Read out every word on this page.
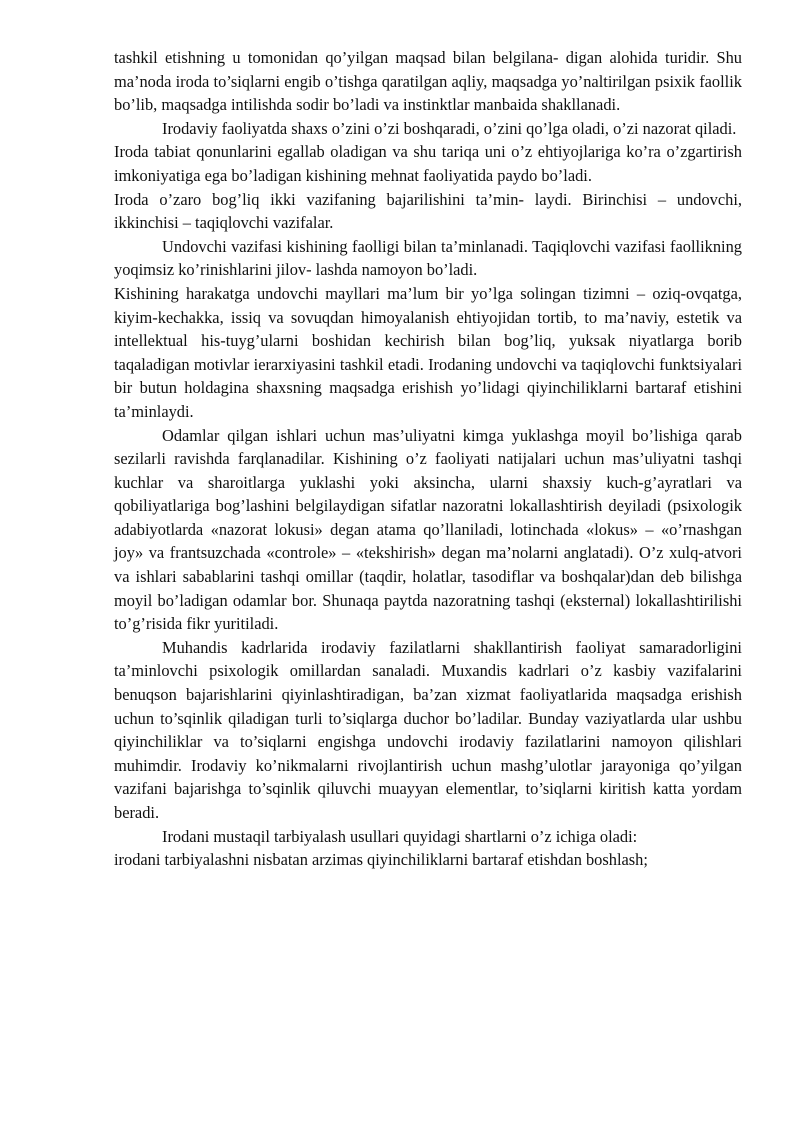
tashkil etishning u tomonidan qo’yilgan maqsad bilan belgilana- digan alohida turidir. Shu ma’noda iroda to’siqlarni engib o’tishga qaratilgan aqliy, maqsadga yo’naltirilgan psixik faollik bo’lib, maqsadga intilishda sodir bo’ladi va instinktlar manbaida shakllanadi.

Irodaviy faoliyatda shaxs o’zini o’zi boshqaradi, o’zini qo’lga oladi, o’zi nazorat qiladi.

Iroda tabiat qonunlarini egallab oladigan va shu tariqa uni o’z ehtiyojlariga ko’ra o’zgartirish imkoniyatiga ega bo’ladigan kishining mehnat faoliyatida paydo bo’ladi.

Iroda o’zaro bog’liq ikki vazifaning bajarilishini ta’min- laydi. Birinchisi – undovchi, ikkinchisi – taqiqlovchi vazifalar.

Undovchi vazifasi kishining faolligi bilan ta’minlanadi. Taqiqlovchi vazifasi faollikning yoqimsiz ko’rinishlarini jilov- lashda namoyon bo’ladi.

Kishining harakatga undovchi mayllari ma’lum bir yo’lga solingan tizimni – oziq-ovqatga, kiyim-kechakka, issiq va sovuqdan himoyalanish ehtiyojidan tortib, to ma’naviy, estetik va intellektual his-tuyg’ularni boshidan kechirish bilan bog’liq, yuksak niyatlarga borib taqaladigan motivlar ierarxiyasini tashkil etadi. Irodaning undovchi va taqiqlovchi funktsiyalari bir butun holdagina shaxsning maqsadga erishish yo’lidagi qiyinchiliklarni bartaraf etishini ta’minlaydi.

Odamlar qilgan ishlari uchun mas’uliyatni kimga yuklashga moyil bo’lishiga qarab sezilarli ravishda farqlanadilar. Kishining o’z faoliyati natijalari uchun mas’uliyatni tashqi kuchlar va sharoitlarga yuklashi yoki aksincha, ularni shaxsiy kuch-g’ayratlari va qobiliyatlariga bog’lashini belgilaydigan sifatlar nazoratni lokallashtirish deyiladi (psixologik adabiyotlarda «nazorat lokusi» degan atama qo’llaniladi, lotinchada «lokus» – «o’rnashgan joy» va frantsuzchada «controle» – «tekshirish» degan ma’nolarni anglatadi). O’z xulq-atvori va ishlari sabablarini tashqi omillar (taqdir, holatlar, tasodiflar va boshqalar)dan deb bilishga moyil bo’ladigan odamlar bor. Shunaqa paytda nazoratning tashqi (eksternal) lokallashtirilishi to’g’risida fikr yuritiladi.

Muhandis kadrlarida irodaviy fazilatlarni shakllantirish faoliyat samaradorligini ta’minlovchi psixologik omillardan sanaladi. Muxandis kadrlari o’z kasbiy vazifalarini benuqson bajarishlarini qiyinlashtiradigan, ba’zan xizmat faoliyatlarida maqsadga erishish uchun to’sqinlik qiladigan turli to’siqlarga duchor bo’ladilar. Bunday vaziyatlarda ular ushbu qiyinchiliklar va to’siqlarni engishga undovchi irodaviy fazilatlarini namoyon qilishlari muhimdir. Irodaviy ko’nikmalarni rivojlantirish uchun mashg’ulotlar jarayoniga qo’yilgan vazifani bajarishga to’sqinlik qiluvchi muayyan elementlar, to’siqlarni kiritish katta yordam beradi.

Irodani mustaqil tarbiyalash usullari quyidagi shartlarni o’z ichiga oladi:

irodani tarbiyalashni nisbatan arzimas qiyinchiliklarni bartaraf etishdan boshlash;
